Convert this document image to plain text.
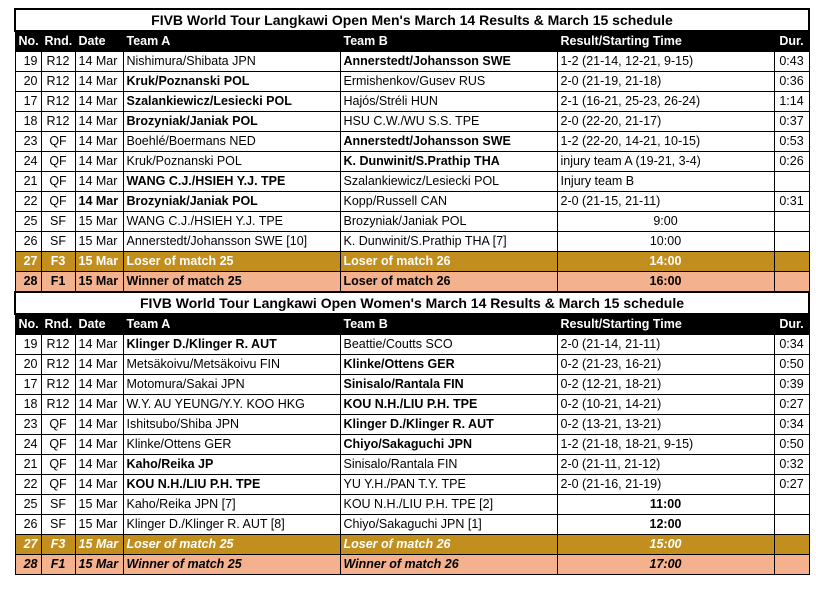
FIVB World Tour Langkawi Open Men's March 14 Results & March 15 schedule						
No.	Rnd.	Date	Team A	Team B	Result/Starting Time	Dur.
19	R12	14 Mar	Nishimura/Shibata JPN	Annerstedt/Johansson SWE	1-2 (21-14, 12-21, 9-15)	0:43
20	R12	14 Mar	Kruk/Poznanski POL	Ermishenkov/Gusev RUS	2-0 (21-19, 21-18)	0:36
17	R12	14 Mar	Szalankiewicz/Lesiecki POL	Hajós/Stréli HUN	2-1 (16-21, 25-23, 26-24)	1:14
18	R12	14 Mar	Brozyniak/Janiak POL	HSU C.W./WU S.S. TPE	2-0 (22-20, 21-17)	0:37
23	QF	14 Mar	Boehlé/Boermans NED	Annerstedt/Johansson SWE	1-2 (22-20, 14-21, 10-15)	0:53
24	QF	14 Mar	Kruk/Poznanski POL	K. Dunwinit/S.Prathip THA	injury team A (19-21, 3-4)	0:26
21	QF	14 Mar	WANG C.J./HSIEH Y.J. TPE	Szalankiewicz/Lesiecki POL	Injury team B	
22	QF	14 Mar	Brozyniak/Janiak POL	Kopp/Russell CAN	2-0 (21-15, 21-11)	0:31
25	SF	15 Mar	WANG C.J./HSIEH Y.J. TPE	Brozyniak/Janiak POL	9:00	
26	SF	15 Mar	Annerstedt/Johansson SWE [10]	K. Dunwinit/S.Prathip THA [7]	10:00	
27	F3	15 Mar	Loser of match 25	Loser of match 26	14:00	
28	F1	15 Mar	Winner of match 25	Loser of match 26	16:00	
FIVB World Tour Langkawi Open Women's March 14 Results & March 15 schedule						
No.	Rnd.	Date	Team A	Team B	Result/Starting Time	Dur.
19	R12	14 Mar	Klinger D./Klinger R. AUT	Beattie/Coutts SCO	2-0 (21-14, 21-11)	0:34
20	R12	14 Mar	Metsäkoivu/Metsäkoivu FIN	Klinke/Ottens GER	0-2 (21-23, 16-21)	0:50
17	R12	14 Mar	Motomura/Sakai JPN	Sinisalo/Rantala FIN	0-2 (12-21, 18-21)	0:39
18	R12	14 Mar	W.Y. AU YEUNG/Y.Y. KOO HKG	KOU N.H./LIU P.H. TPE	0-2 (10-21, 14-21)	0:27
23	QF	14 Mar	Ishitsubo/Shiba JPN	Klinger D./Klinger R. AUT	0-2 (13-21, 13-21)	0:34
24	QF	14 Mar	Klinke/Ottens GER	Chiyo/Sakaguchi JPN	1-2 (21-18, 18-21, 9-15)	0:50
21	QF	14 Mar	Kaho/Reika JP	Sinisalo/Rantala FIN	2-0 (21-11, 21-12)	0:32
22	QF	14 Mar	KOU N.H./LIU P.H. TPE	YU Y.H./PAN T.Y. TPE	2-0 (21-16, 21-19)	0:27
25	SF	15 Mar	Kaho/Reika JPN [7]	KOU N.H./LIU P.H. TPE [2]	11:00	
26	SF	15 Mar	Klinger D./Klinger R. AUT [8]	Chiyo/Sakaguchi JPN [1]	12:00	
27	F3	15 Mar	Loser of match 25	Loser of match 26	15:00	
28	F1	15 Mar	Winner of match 25	Winner of match 26	17:00	
